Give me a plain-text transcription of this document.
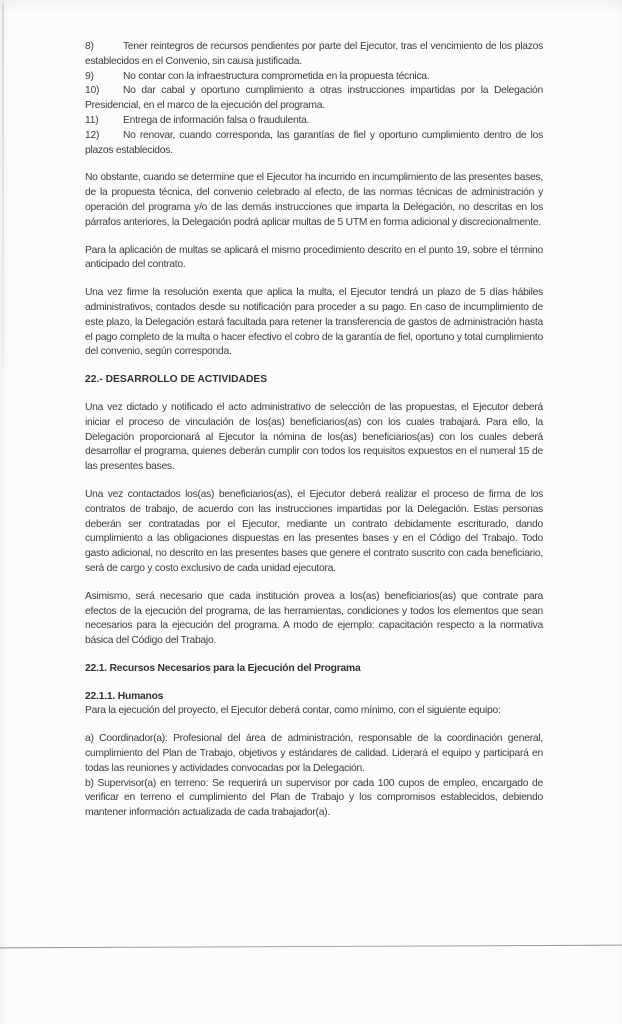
8)	Tener reintegros de recursos pendientes por parte del Ejecutor, tras el vencimiento de los plazos establecidos en el Convenio, sin causa justificada.

9)	No contar con la infraestructura comprometida en la propuesta técnica.

10) No dar cabal y oportuno cumplimiento a otras instrucciones impartidas por la Delegación Presidencial, en el marco de la ejecución del programa.

11) Entrega de información falsa o fraudulenta.

12) No renovar, cuando corresponda, las garantías de fiel y oportuno cumplimiento dentro de los plazos establecidos.

No obstante, cuando se determine que el Ejecutor ha incurrido en incumplimiento de las presentes bases, de la propuesta técnica, del convenio celebrado al efecto, de las normas técnicas de administración y operación del programa y/o de las demás instrucciones que imparta la Delegación, no descritas en los párrafos anteriores, la Delegación podrá aplicar multas de 5 UTM en forma adicional y discrecionalmente.

Para la aplicación de multas se aplicará el mismo procedimiento descrito en el punto 19, sobre el término anticipado del contrato.

Una vez firme la resolución exenta que aplica la multa, el Ejecutor tendrá un plazo de 5 días hábiles administrativos, contados desde su notificación para proceder a su pago. En caso de incumplimiento de este plazo, la Delegación estará facultada para retener la transferencia de gastos de administración hasta el pago completo de la multa o hacer efectivo el cobro de la garantía de fiel, oportuno y total cumplimiento del convenio, según corresponda.

22.- DESARROLLO DE ACTIVIDADES

Una vez dictado y notificado el acto administrativo de selección de las propuestas, el Ejecutor deberá iniciar el proceso de vinculación de los(as) beneficiarios(as) con los cuales trabajará. Para ello, la Delegación proporcionará al Ejecutor la nómina de los(as) beneficiarios(as) con los cuales deberá desarrollar el programa, quienes deberán cumplir con todos los requisitos expuestos en el numeral 15 de las presentes bases.

Una vez contactados los(as) beneficiarios(as), el Ejecutor deberá realizar el proceso de firma de los contratos de trabajo, de acuerdo con las instrucciones impartidas por la Delegación. Estas personas deberán ser contratadas por el Ejecutor, mediante un contrato debidamente escriturado, dando cumplimiento a las obligaciones dispuestas en las presentes bases y en el Código del Trabajo. Todo gasto adicional, no descrito en las presentes bases que genere el contrato suscrito con cada beneficiario, será de cargo y costo exclusivo de cada unidad ejecutora.

Asimismo, será necesario que cada institución provea a los(as) beneficiarios(as) que contrate para efectos de la ejecución del programa, de las herramientas, condiciones y todos los elementos que sean necesarios para la ejecución del programa. A modo de ejemplo: capacitación respecto a la normativa básica del Código del Trabajo.

22.1. Recursos Necesarios para la Ejecución del Programa

22.1.1. Humanos

Para la ejecución del proyecto, el Ejecutor deberá contar, como mínimo, con el siguiente equipo:

a) Coordinador(a): Profesional del área de administración, responsable de la coordinación general, cumplimiento del Plan de Trabajo, objetivos y estándares de calidad. Liderará el equipo y participará en todas las reuniones y actividades convocadas por la Delegación.

b) Supervisor(a) en terreno: Se requerirá un supervisor por cada 100 cupos de empleo, encargado de verificar en terreno el cumplimiento del Plan de Trabajo y los compromisos establecidos, debiendo mantener información actualizada de cada trabajador(a).
